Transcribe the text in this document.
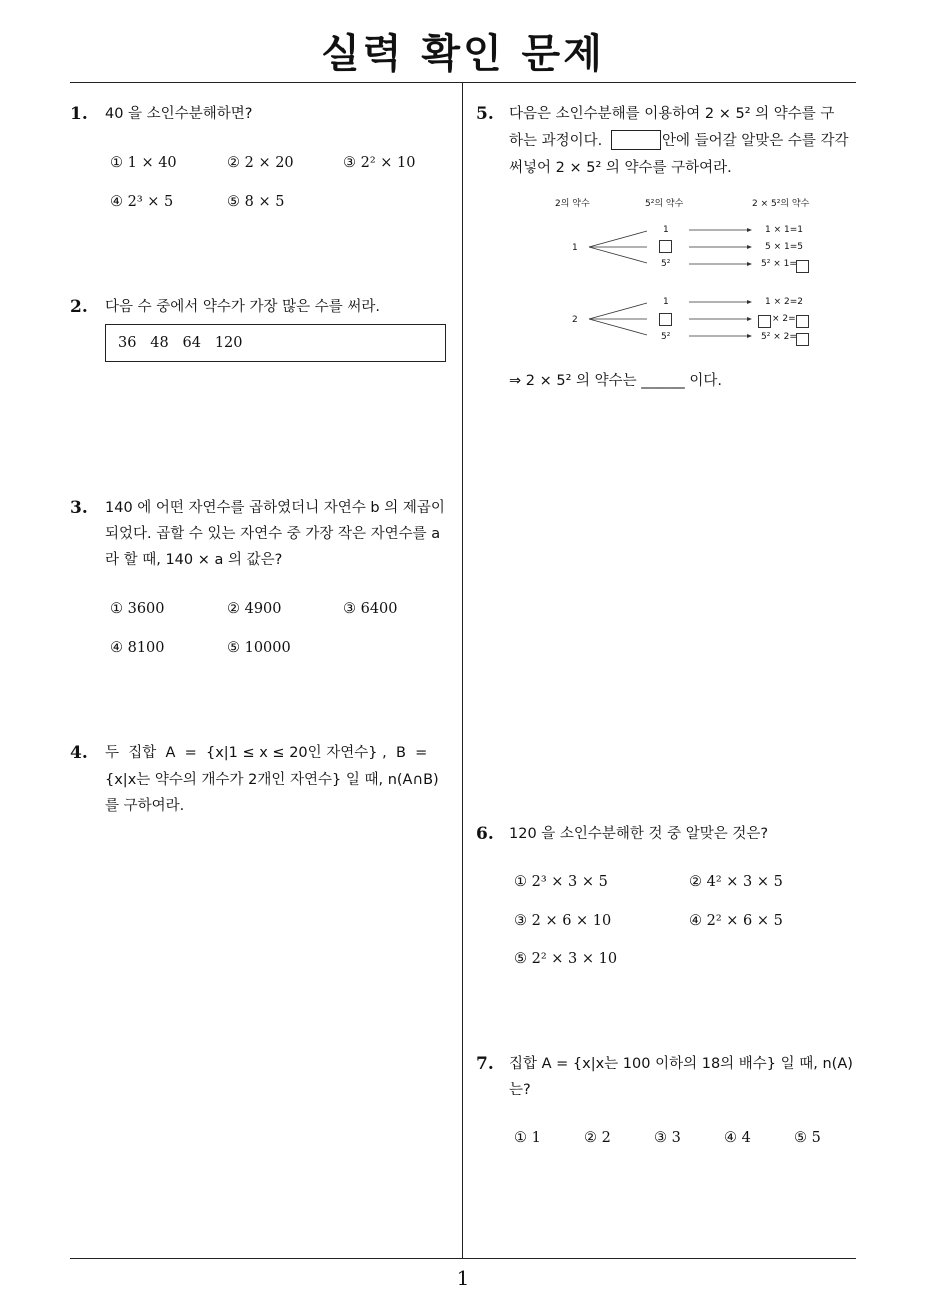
실력 확인 문제
1
1. 40 을 소인수분해하면?
① 1 × 40	② 2 × 20	③ 2² × 10
④ 2³ × 5	⑤ 8 × 5
2. 다음 수 중에서 약수가 가장 많은 수를 써라.
36   48   64   120
3. 140 에 어떤 자연수를 곱하였더니 자연수 b 의 제곱이
되었다. 곱할 수 있는 자연수 중 가장 작은 자연수를 a
라 할 때, 140 × a 의 값은?
① 3600	② 4900	③ 6400
④ 8100	⑤ 10000
4. 두  집합  A  =  {x|1 ≤ x ≤ 20인 자연수} ,  B  =
{x|x는 약수의 개수가 2개인 자연수} 일 때, n(A∩B)
를 구하여라.
5. 다음은 소인수분해를 이용하여 2 × 5² 의 약수를 구
하는 과정이다.	안에 들어갈 알맞은 수를 각각
써넣어 2 × 5² 의 약수를 구하여라.
2의 약수	5²의 약수	2 × 5²의 약수
1
2
1
5²
1
5²
1 × 1=1
5 × 1=5
5² × 1=
1 × 2=2
× 2=
5² × 2=
⇒ 2 × 5² 의 약수는 ______ 이다.
6. 120 을 소인수분해한 것 중 알맞은 것은?
① 2³ × 3 × 5	② 4² × 3 × 5
③ 2 × 6 × 10	④ 2² × 6 × 5
⑤ 2² × 3 × 10
7. 집합 A = {x|x는 100 이하의 18의 배수} 일 때, n(A)
는?
① 1	② 2	③ 3	④ 4	⑤ 5
